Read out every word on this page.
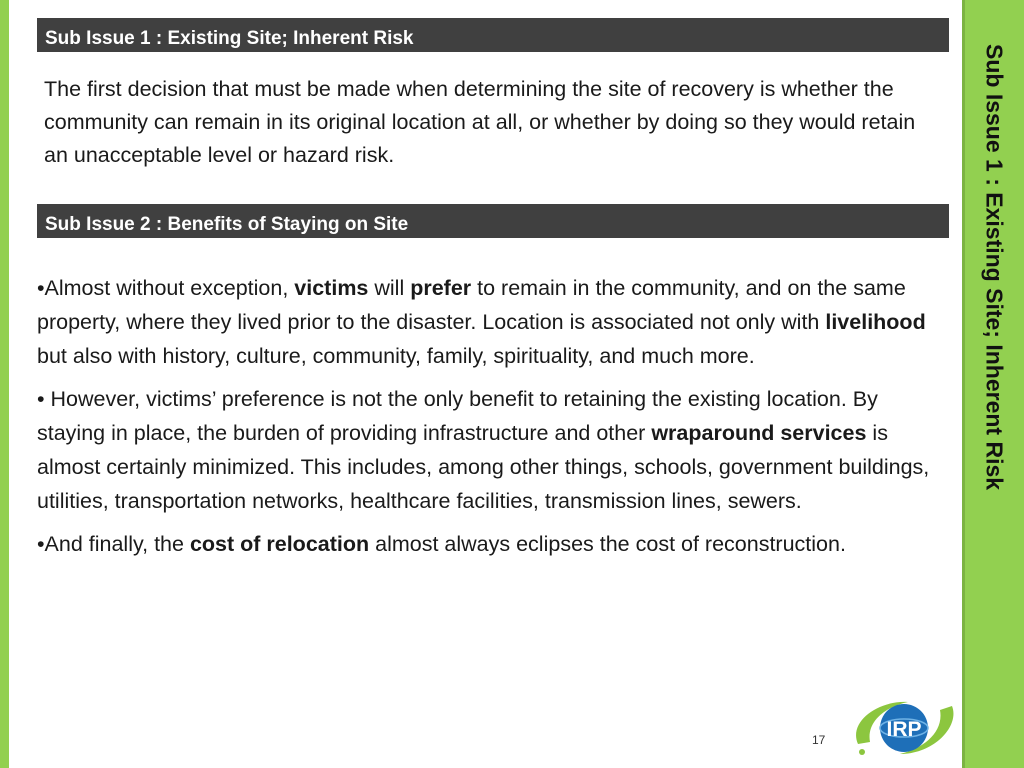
Sub Issue 1 : Existing Site; Inherent Risk
Sub Issue 1 : Existing Site; Inherent Risk

The first decision that must be made when determining the site of recovery is whether the community can remain in its original location at all, or whether by doing so they would retain an unacceptable level or hazard risk.

Sub Issue 2 : Benefits of Staying on Site

•Almost without exception, victims will prefer to remain in the community, and on the same property, where they lived prior to the disaster. Location is associated not only with livelihood but also with history, culture, community, family, spirituality, and much more.

• However, victims’ preference is not the only benefit to retaining the existing location. By staying in place, the burden of providing infrastructure and other wraparound services is almost certainly minimized. This includes, among other things, schools, government buildings, utilities, transportation networks, healthcare facilities, transmission lines, sewers.

•And finally, the cost of relocation almost always eclipses the cost of reconstruction.

17	IRP
